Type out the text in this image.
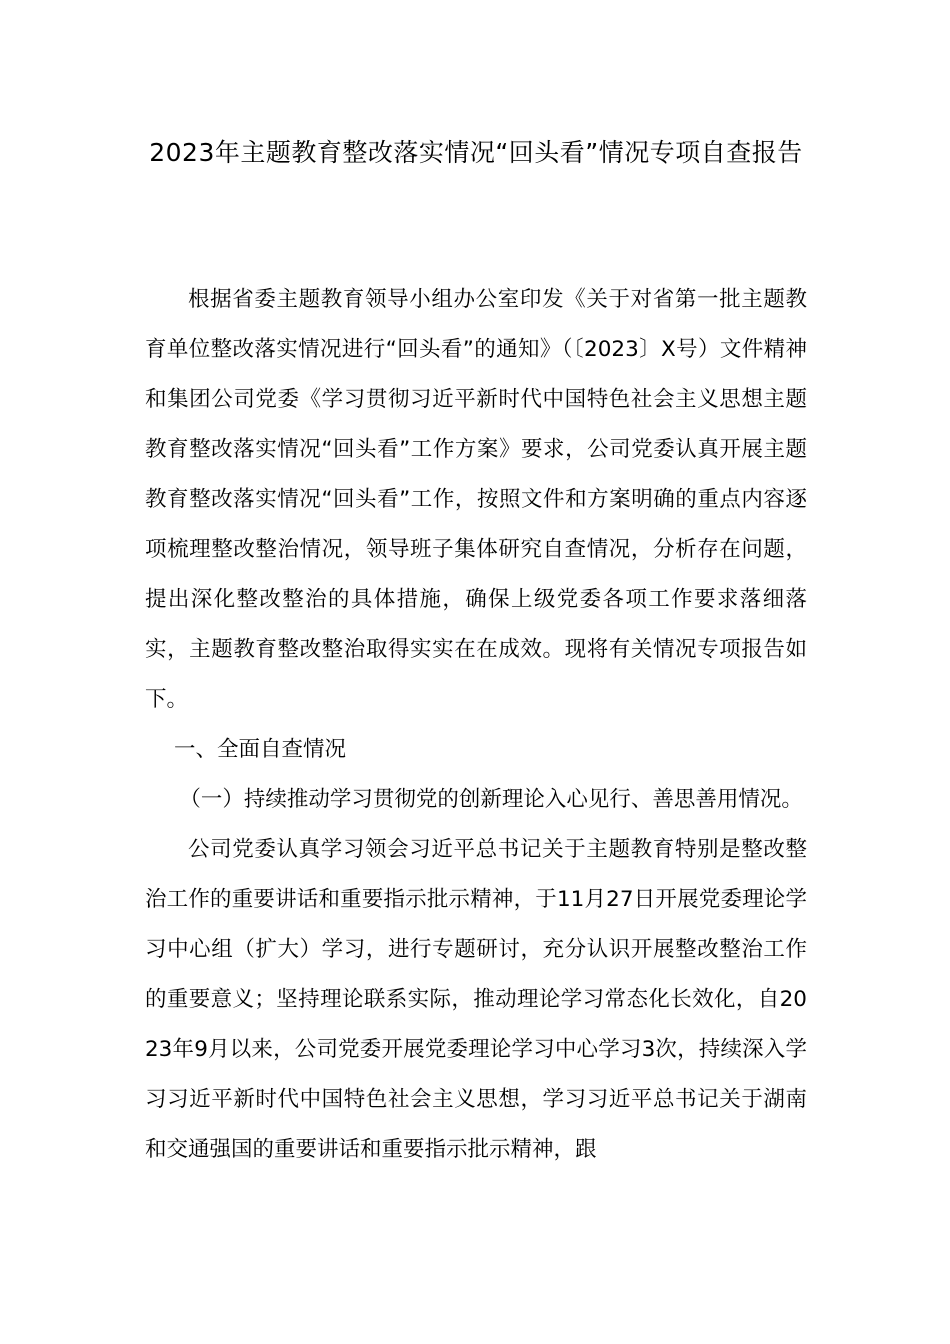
2023年主题教育整改落实情况“回头看”情况专项自查报告

根据省委主题教育领导小组办公室印发《关于对省第一批主题教育单位整改落实情况进行“回头看”的通知》（〔2023〕X号）文件精神和集团公司党委《学习贯彻习近平新时代中国特色社会主义思想主题教育整改落实情况“回头看”工作方案》要求，公司党委认真开展主题教育整改落实情况“回头看”工作，按照文件和方案明确的重点内容逐项梳理整改整治情况，领导班子集体研究自查情况，分析存在问题，提出深化整改整治的具体措施，确保上级党委各项工作要求落细落实，主题教育整改整治取得实实在在成效。现将有关情况专项报告如下。

一、全面自查情况

（一）持续推动学习贯彻党的创新理论入心见行、善思善用情况。

公司党委认真学习领会习近平总书记关于主题教育特别是整改整治工作的重要讲话和重要指示批示精神，于11月27日开展党委理论学习中心组（扩大）学习，进行专题研讨，充分认识开展整改整治工作的重要意义；坚持理论联系实际，推动理论学习常态化长效化，自2023年9月以来，公司党委开展党委理论学习中心学习3次，持续深入学习习近平新时代中国特色社会主义思想，学习习近平总书记关于湖南和交通强国的重要讲话和重要指示批示精神，跟
